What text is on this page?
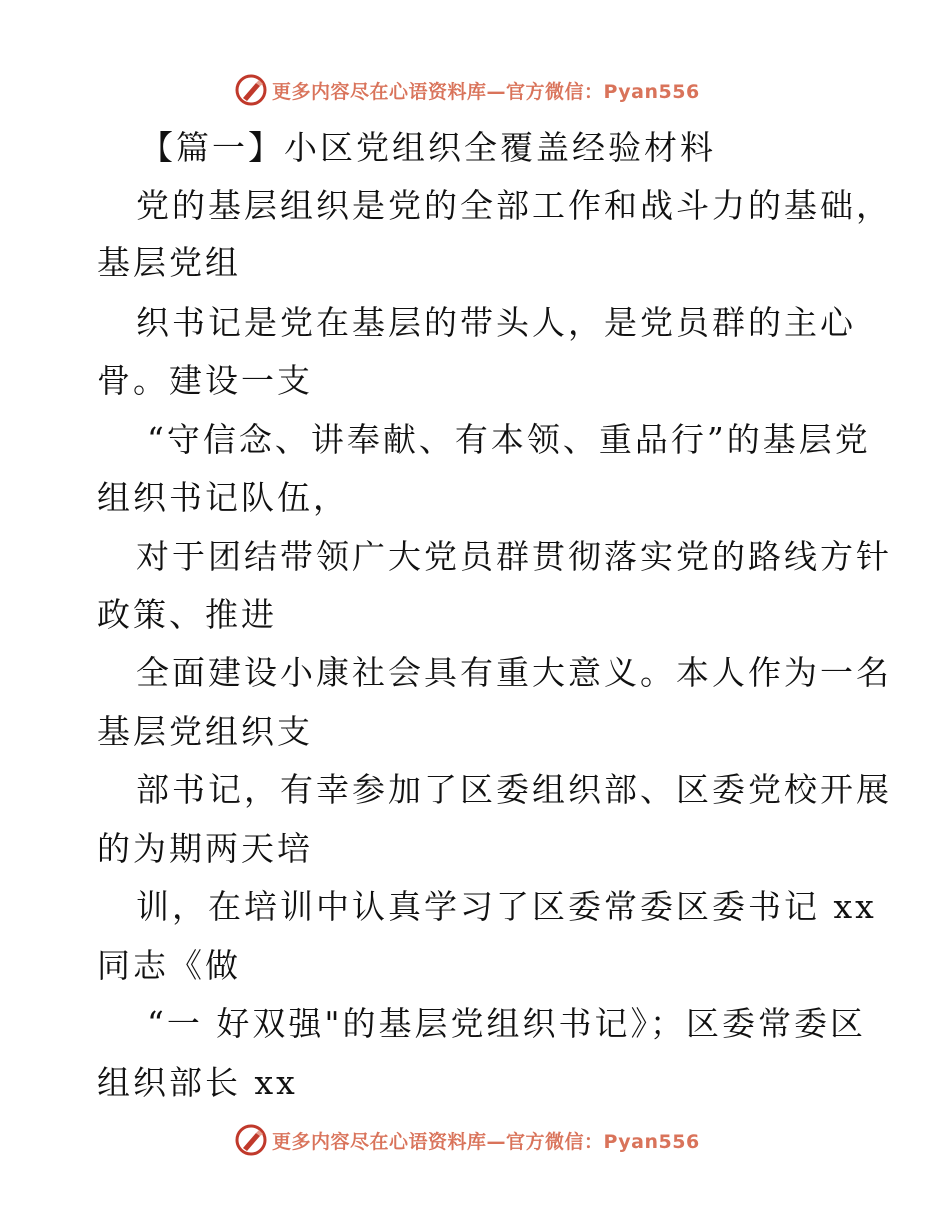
更多内容尽在心语资料库—官方微信：Pyan556
【篇一】小区党组织全覆盖经验材料
党的基层组织是党的全部工作和战斗力的基础，
基层党组
织书记是党在基层的带头人，是党员群的主心
骨。建设一支
“守信念、讲奉献、有本领、重品行”的基层党
组织书记队伍，
对于团结带领广大党员群贯彻落实党的路线方针
政策、推进
全面建设小康社会具有重大意义。本人作为一名
基层党组织支
部书记，有幸参加了区委组织部、区委党校开展
的为期两天培
训，在培训中认真学习了区委常委区委书记 xx
同志《做
“一 好双强"的基层党组织书记》；区委常委区
组织部长 xx
更多内容尽在心语资料库—官方微信：Pyan556
